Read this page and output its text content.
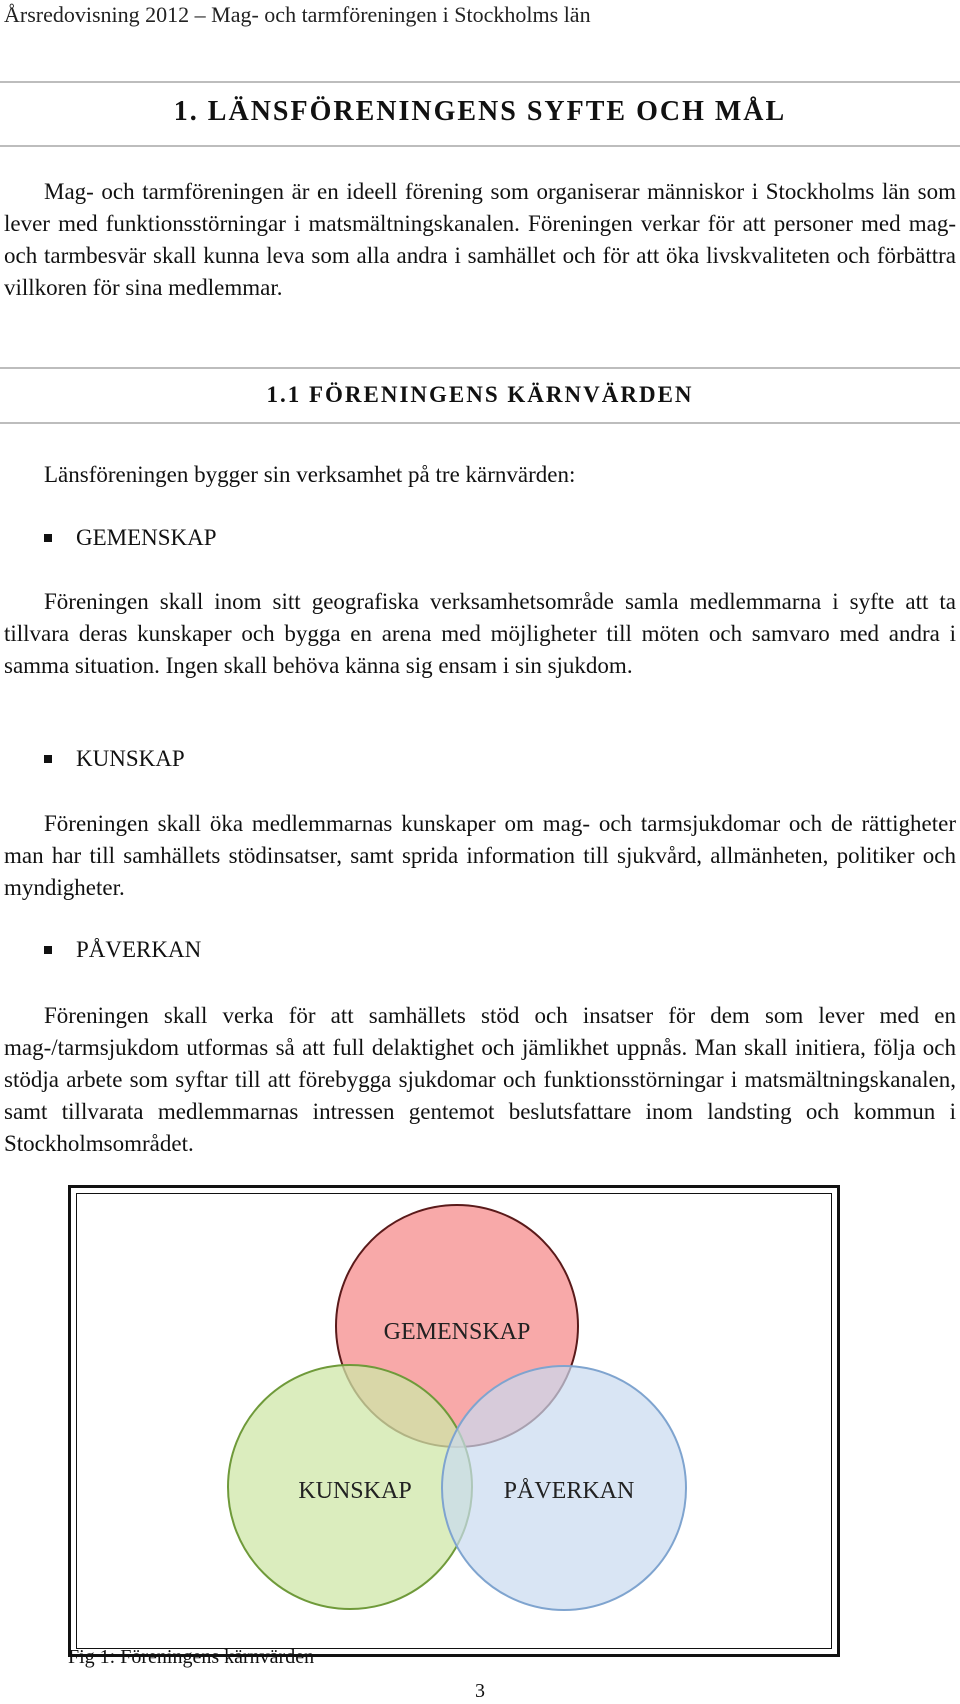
Årsredovisning 2012 – Mag- och tarmföreningen i Stockholms län
1. LÄNSFÖRENINGENS SYFTE OCH MÅL

Mag- och tarmföreningen är en ideell förening som organiserar människor i Stockholms län som lever med funktionsstörningar i matsmältningskanalen. Föreningen verkar för att personer med mag- och tarmbesvär skall kunna leva som alla andra i samhället och för att öka livskvaliteten och förbättra villkoren för sina medlemmar.

1.1 FÖRENINGENS KÄRNVÄRDEN

Länsföreningen bygger sin verksamhet på tre kärnvärden:

GEMENSKAP

Föreningen skall inom sitt geografiska verksamhetsområde samla medlemmarna i syfte att ta tillvara deras kunskaper och bygga en arena med möjligheter till möten och samvaro med andra i samma situation. Ingen skall behöva känna sig ensam i sin sjukdom.

KUNSKAP

Föreningen skall öka medlemmarnas kunskaper om mag- och tarmsjukdomar och de rättigheter man har till samhällets stödinsatser, samt sprida information till sjukvård, allmänheten, politiker och myndigheter.

PÅVERKAN

Föreningen skall verka för att samhällets stöd och insatser för dem som lever med en mag-/tarmsjukdom utformas så att full delaktighet och jämlikhet uppnås. Man skall initiera, följa och stödja arbete som syftar till att förebygga sjukdomar och funktionsstörningar i matsmältningskanalen, samt tillvarata medlemmarnas intressen gentemot beslutsfattare inom landsting och kommun i Stockholmsområdet.

GEMENSKAP
KUNSKAP	PÅVERKAN
Fig 1: Föreningens kärnvärden
3
